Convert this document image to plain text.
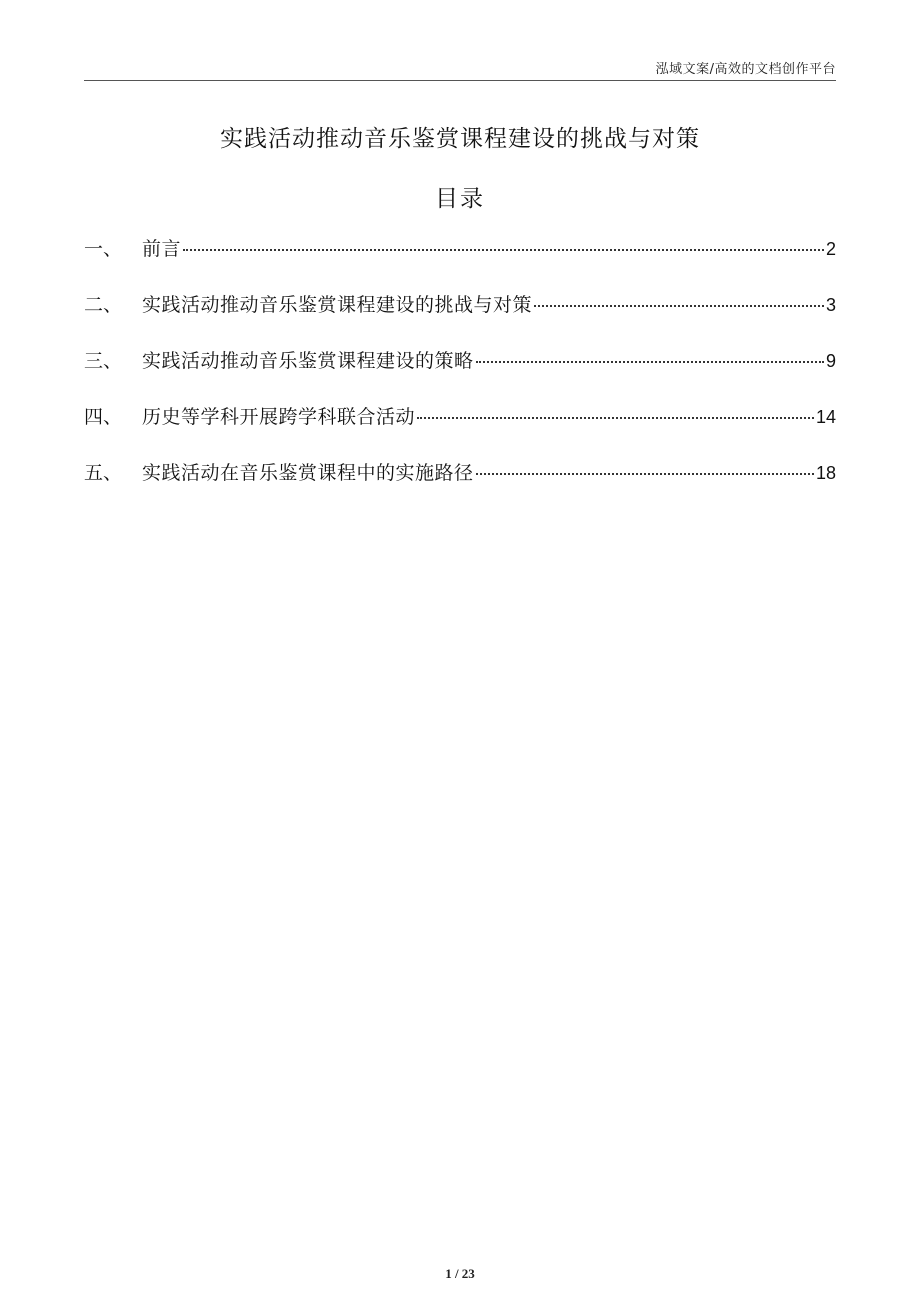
泓域文案/高效的文档创作平台
实践活动推动音乐鉴赏课程建设的挑战与对策
目录
一、	前言	2
二、	实践活动推动音乐鉴赏课程建设的挑战与对策	3
三、	实践活动推动音乐鉴赏课程建设的策略	9
四、	历史等学科开展跨学科联合活动	14
五、	实践活动在音乐鉴赏课程中的实施路径	18
1 / 23
